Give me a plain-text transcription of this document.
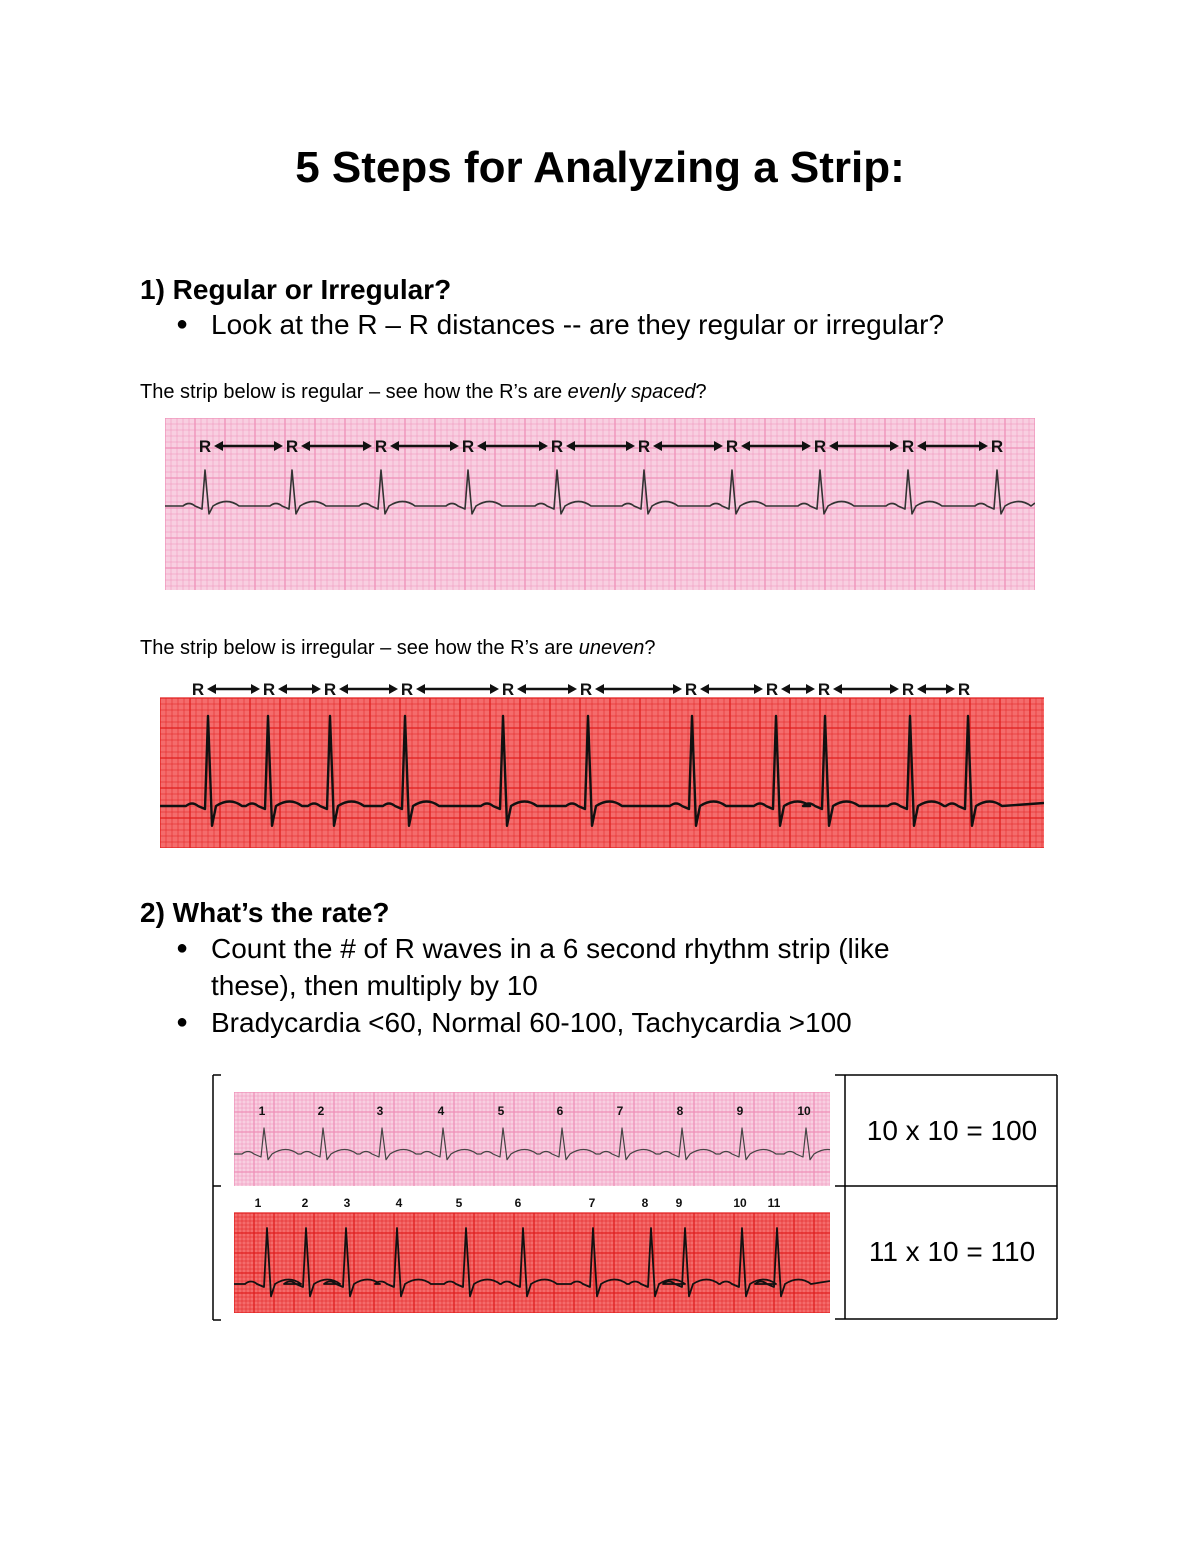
5 Steps for Analyzing a Strip:
1) Regular or Irregular?
● Look at the R – R distances -- are they regular or irregular?
The strip below is regular – see how the R’s are evenly spaced?
R	R	R	R	R	R	R	R	R	R
The strip below is irregular – see how the R’s are uneven?
R	R	R	R	R	R	R	R R	R	R
2) What’s the rate?
● Count the # of R waves in a 6 second rhythm strip (like
these), then multiply by 10
● Bradycardia <60, Normal 60-100, Tachycardia >100
1	2	3	4	5	6	7	8	9	10
1	2	3	4	5	6	7	8 9	10 11
10 x 10 = 100
11 x 10 = 110
